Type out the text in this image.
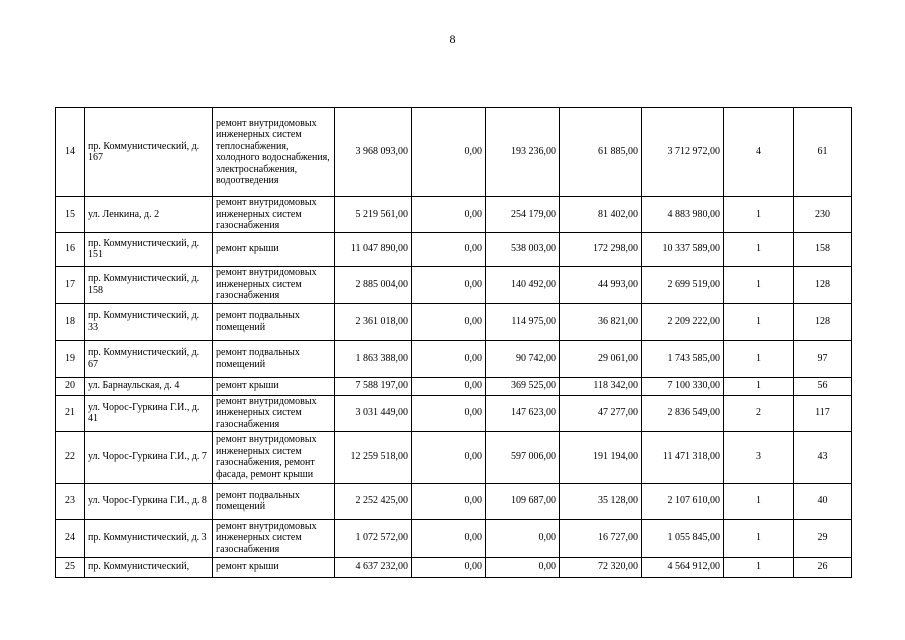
8
14	пр. Коммунистический, д. 167	ремонт внутридомовых инженерных систем теплоснабжения, холодного водоснабжения, электроснабжения, водоотведения	3 968 093,00	0,00	193 236,00	61 885,00	3 712 972,00	4	61
15	ул. Ленкина, д. 2	ремонт внутридомовых инженерных систем газоснабжения	5 219 561,00	0,00	254 179,00	81 402,00	4 883 980,00	1	230
16	пр. Коммунистический, д. 151	ремонт крыши	11 047 890,00	0,00	538 003,00	172 298,00	10 337 589,00	1	158
17	пр. Коммунистический, д. 158	ремонт внутридомовых инженерных систем газоснабжения	2 885 004,00	0,00	140 492,00	44 993,00	2 699 519,00	1	128
18	пр. Коммунистический, д. 33	ремонт подвальных помещений	2 361 018,00	0,00	114 975,00	36 821,00	2 209 222,00	1	128
19	пр. Коммунистический, д. 67	ремонт подвальных помещений	1 863 388,00	0,00	90 742,00	29 061,00	1 743 585,00	1	97
20	ул. Барнаульская, д. 4	ремонт крыши	7 588 197,00	0,00	369 525,00	118 342,00	7 100 330,00	1	56
21	ул. Чорос-Гуркина Г.И., д. 41	ремонт внутридомовых инженерных систем газоснабжения	3 031 449,00	0,00	147 623,00	47 277,00	2 836 549,00	2	117
22	ул. Чорос-Гуркина Г.И., д. 7	ремонт внутридомовых инженерных систем газоснабжения, ремонт фасада, ремонт крыши	12 259 518,00	0,00	597 006,00	191 194,00	11 471 318,00	3	43
23	ул. Чорос-Гуркина Г.И., д. 8	ремонт подвальных помещений	2 252 425,00	0,00	109 687,00	35 128,00	2 107 610,00	1	40
24	пр. Коммунистический, д. 3	ремонт внутридомовых инженерных систем газоснабжения	1 072 572,00	0,00	0,00	16 727,00	1 055 845,00	1	29
25	пр. Коммунистический,	ремонт крыши	4 637 232,00	0,00	0,00	72 320,00	4 564 912,00	1	26
